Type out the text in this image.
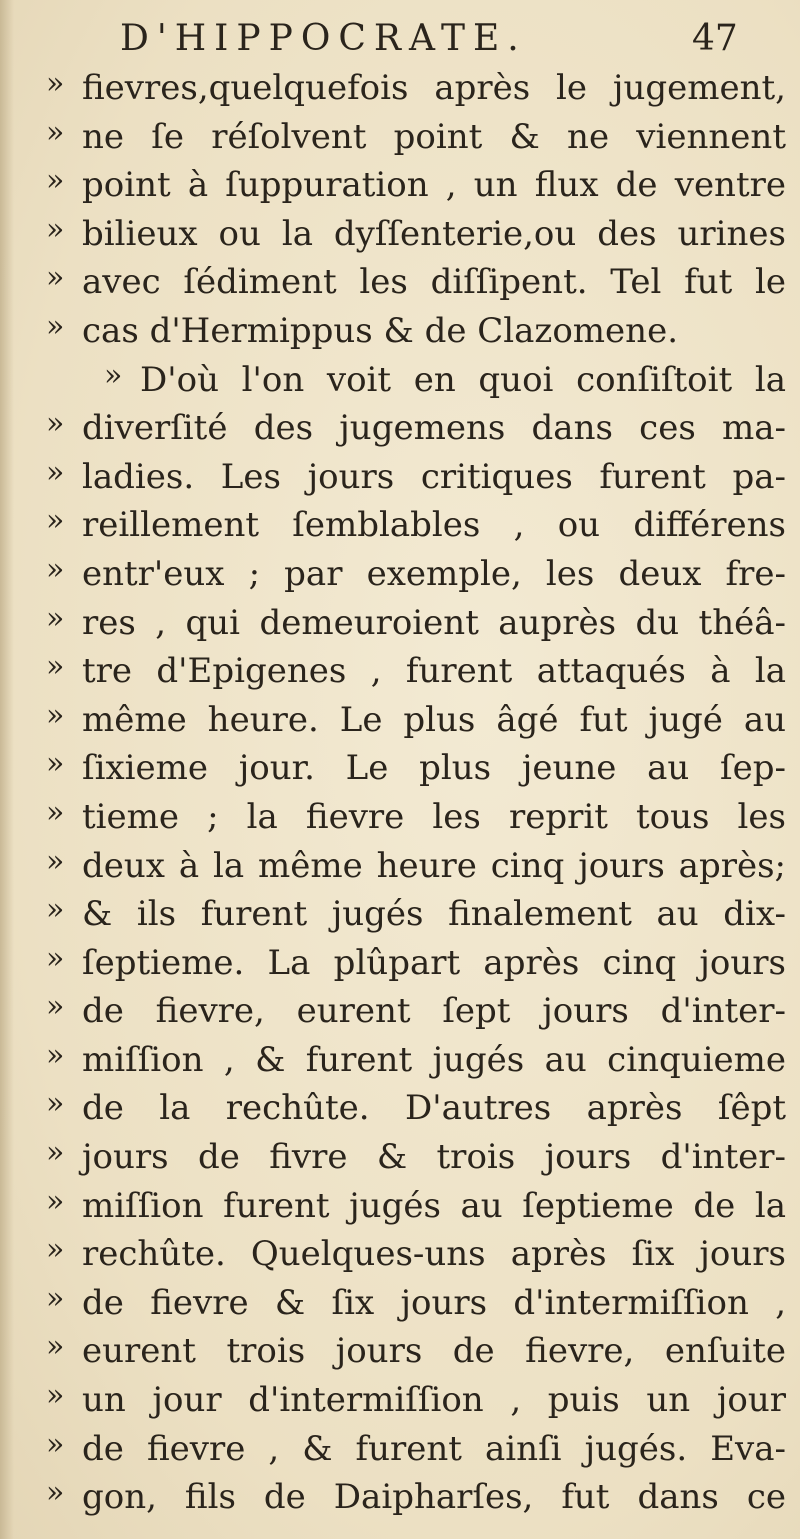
D'HIPPOCRATE.	47
» fievres,quelquefois après le jugement,
» ne ſe réſolvent point & ne viennent
» point à ſuppuration , un flux de ventre
» bilieux ou la dyſſenterie,ou des urines
» avec ſédiment les diſſipent. Tel fut le
» cas d'Hermippus & de Clazomene.
» D'où l'on voit en quoi conſiſtoit la
» diverſité des jugemens dans ces ma-
» ladies. Les jours critiques furent pa-
» reillement ſemblables , ou différens
» entr'eux ; par exemple, les deux fre-
» res , qui demeuroient auprès du théâ-
» tre d'Epigenes , furent attaqués à la
» même heure. Le plus âgé fut jugé au
» ſixieme jour. Le plus jeune au ſep-
» tieme ; la fievre les reprit tous les
» deux à la même heure cinq jours après;
» & ils furent jugés finalement au dix-
» ſeptieme. La plûpart après cinq jours
» de fievre, eurent ſept jours d'inter-
» miſſion , & furent jugés au cinquieme
» de la rechûte. D'autres après ſêpt
» jours de fivre & trois jours d'inter-
» miſſion furent jugés au ſeptieme de la
» rechûte. Quelques-uns après ſix jours
» de fievre & ſix jours d'intermiſſion ,
» eurent trois jours de fievre, enſuite
» un jour d'intermiſſion , puis un jour
» de fievre , & furent ainſi jugés. Eva-
» gon, fils de Daipharſes, fut dans ce
